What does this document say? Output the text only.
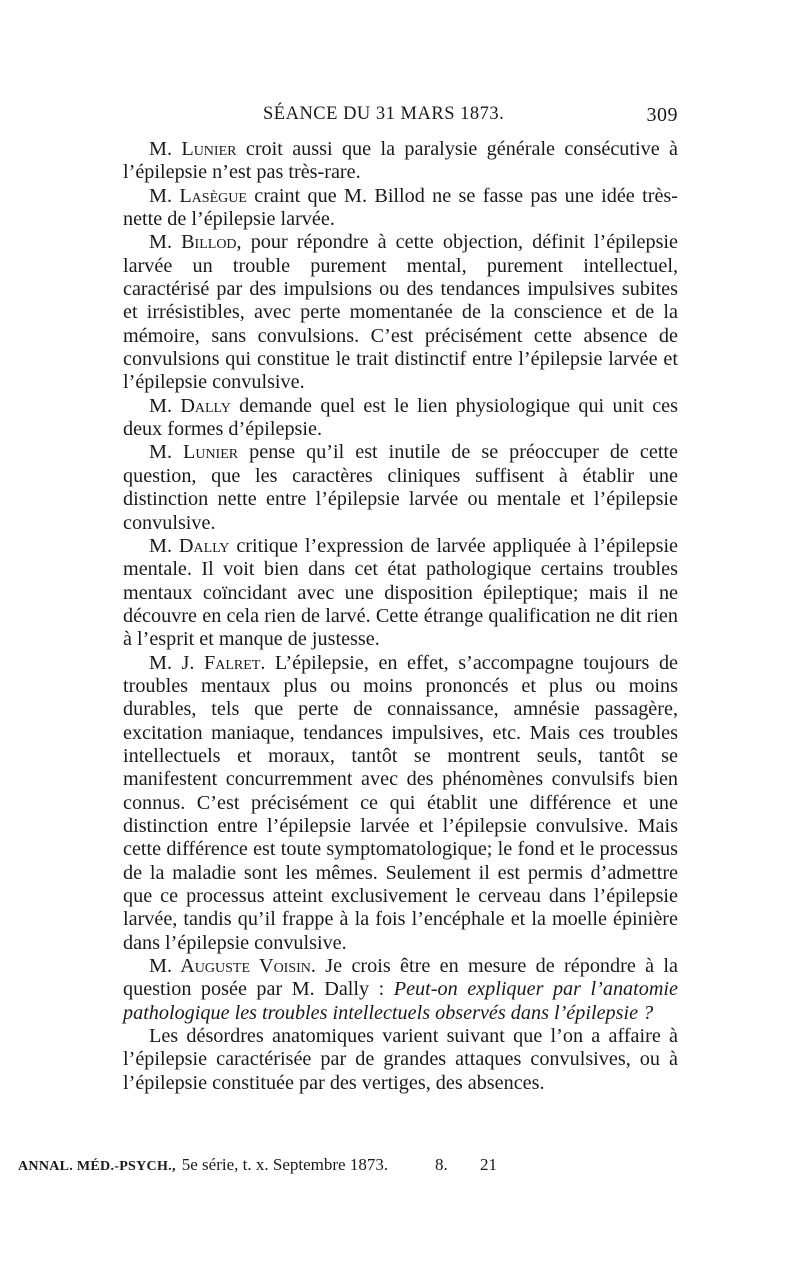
SÉANCE DU 31 MARS 1873.	309

M. Lunier croit aussi que la paralysie générale consécutive à l’épilepsie n’est pas très-rare.

M. Lasègue craint que M. Billod ne se fasse pas une idée très-nette de l’épilepsie larvée.

M. Billod, pour répondre à cette objection, définit l’épilepsie larvée un trouble purement mental, purement intellectuel, caractérisé par des impulsions ou des tendances impulsives subites et irrésistibles, avec perte momentanée de la conscience et de la mémoire, sans convulsions. C’est précisément cette absence de convulsions qui constitue le trait distinctif entre l’épilepsie larvée et l’épilepsie convulsive.

M. Dally demande quel est le lien physiologique qui unit ces deux formes d’épilepsie.

M. Lunier pense qu’il est inutile de se préoccuper de cette question, que les caractères cliniques suffisent à établir une distinction nette entre l’épilepsie larvée ou mentale et l’épilepsie convulsive.

M. Dally critique l’expression de larvée appliquée à l’épilepsie mentale. Il voit bien dans cet état pathologique certains troubles mentaux coïncidant avec une disposition épileptique; mais il ne découvre en cela rien de larvé. Cette étrange qualification ne dit rien à l’esprit et manque de justesse.

M. J. Falret. L’épilepsie, en effet, s’accompagne toujours de troubles mentaux plus ou moins prononcés et plus ou moins durables, tels que perte de connaissance, amnésie passagère, excitation maniaque, tendances impulsives, etc. Mais ces troubles intellectuels et moraux, tantôt se montrent seuls, tantôt se manifestent concurremment avec des phénomènes convulsifs bien connus. C’est précisément ce qui établit une différence et une distinction entre l’épilepsie larvée et l’épilepsie convulsive. Mais cette différence est toute symptomatologique; le fond et le processus de la maladie sont les mêmes. Seulement il est permis d’admettre que ce processus atteint exclusivement le cerveau dans l’épilepsie larvée, tandis qu’il frappe à la fois l’encéphale et la moelle épinière dans l’épilepsie convulsive.

M. Auguste Voisin. Je crois être en mesure de répondre à la question posée par M. Dally : Peut-on expliquer par l’anatomie pathologique les troubles intellectuels observés dans l’épilepsie ?

Les désordres anatomiques varient suivant que l’on a affaire à l’épilepsie caractérisée par de grandes attaques convulsives, ou à l’épilepsie constituée par des vertiges, des absences.

ANNAL. MÉD.-PSYCH., 5e série, t. x. Septembre 1873.	8. 21
